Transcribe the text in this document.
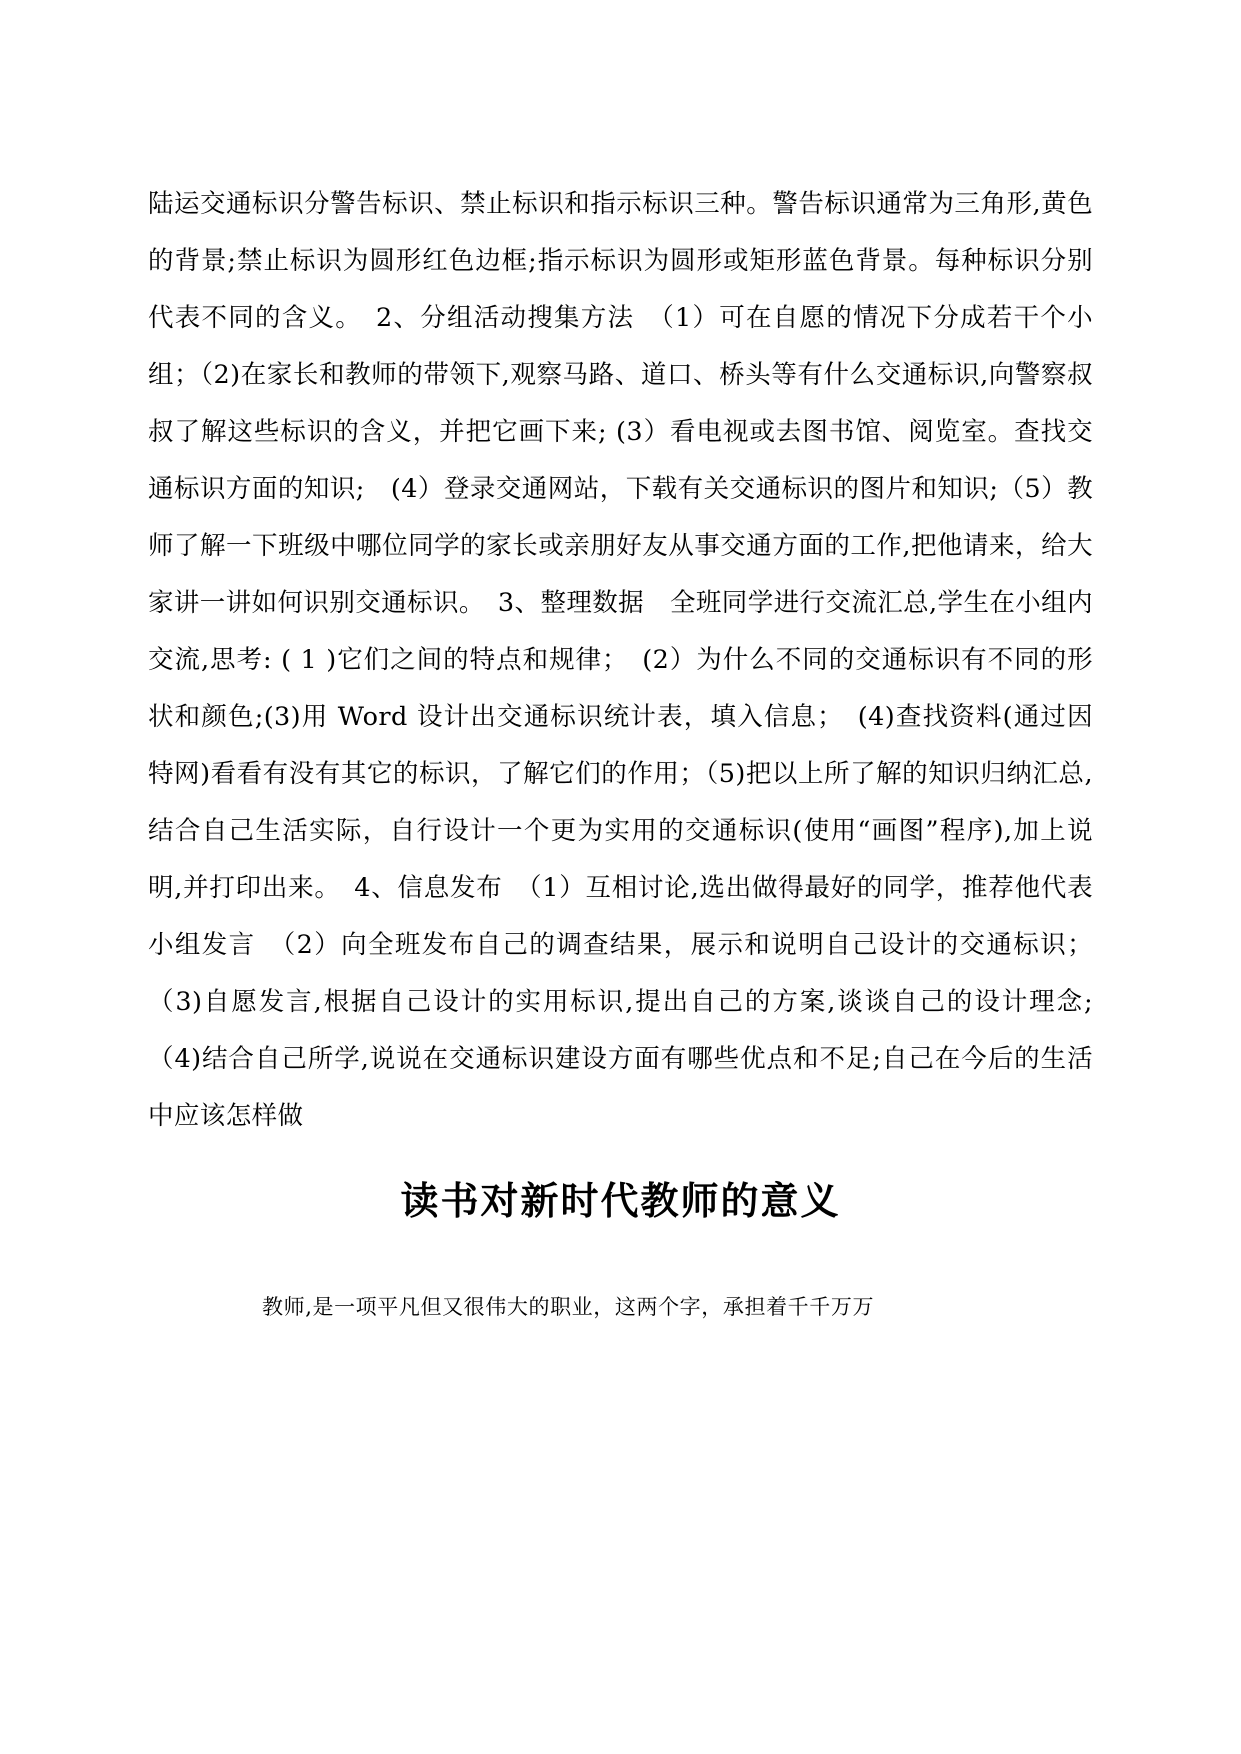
陆运交通标识分警告标识、禁止标识和指示标识三种。警告标识通常为三角形,黄色的背景;禁止标识为圆形红色边框;指示标识为圆形或矩形蓝色背景。每种标识分别代表不同的含义。　2、分组活动搜集方法　（1）可在自愿的情况下分成若干个小组；（2)在家长和教师的带领下,观察马路、道口、桥头等有什么交通标识,向警察叔叔了解这些标识的含义，并把它画下来; (3）看电视或去图书馆、阅览室。查找交通标识方面的知识;　(4）登录交通网站，下载有关交通标识的图片和知识;（5）教师了解一下班级中哪位同学的家长或亲朋好友从事交通方面的工作,把他请来，给大家讲一讲如何识别交通标识。　3、整理数据　全班同学进行交流汇总,学生在小组内交流,思考: ( 1 )它们之间的特点和规律；　(2）为什么不同的交通标识有不同的形状和颜色;(3)用 Word 设计出交通标识统计表，填入信息；　(4)查找资料(通过因特网)看看有没有其它的标识，了解它们的作用；（5)把以上所了解的知识归纳汇总,结合自己生活实际，自行设计一个更为实用的交通标识(使用“画图”程序),加上说明,并打印出来。　4、信息发布　（1）互相讨论,选出做得最好的同学，推荐他代表小组发言　（2）向全班发布自己的调查结果，展示和说明自己设计的交通标识；（3)自愿发言,根据自己设计的实用标识,提出自己的方案,谈谈自己的设计理念; （4)结合自己所学,说说在交通标识建设方面有哪些优点和不足;自己在今后的生活中应该怎样做

读书对新时代教师的意义

教师,是一项平凡但又很伟大的职业，这两个字，承担着千千万万
